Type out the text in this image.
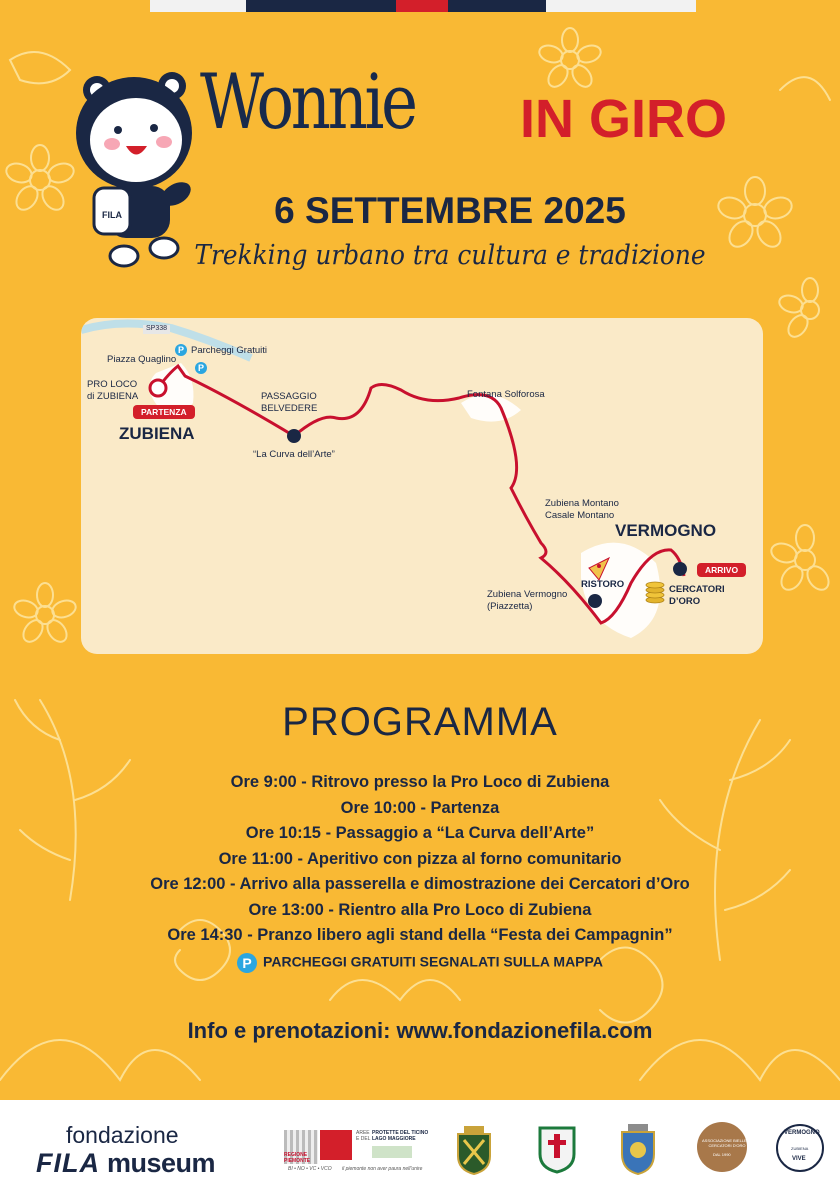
FILA
Wonnie IN GIRO
6 SETTEMBRE 2025
Trekking urbano tra cultura e tradizione
SP338
P Parcheggi Gratuiti
Piazza Quaglino
P
PRO LOCO
di ZUBIENA
PARTENZA
ZUBIENA
PASSAGGIO
BELVEDERE
“La Curva dell’Arte”
Fontana Solforosa
Zubiena Montano
Casale Montano
VERMOGNO
ARRIVO
Zubiena Vermogno
(Piazzetta)
RISTORO	CERCATORI
D’ORO
PROGRAMMA
Ore 9:00 - Ritrovo presso la Pro Loco di Zubiena
Ore 10:00 - Partenza
Ore 10:15 - Passaggio a “La Curva dell’Arte”
Ore 11:00 - Aperitivo con pizza al forno comunitario
Ore 12:00 - Arrivo alla passerella e dimostrazione dei Cercatori d’Oro
Ore 13:00 - Rientro alla Pro Loco di Zubiena
Ore 14:30 - Pranzo libero agli stand della “Festa dei Campagnin”
P PARCHEGGI GRATUITI SEGNALATI SULLA MAPPA
Info e prenotazioni: www.fondazionefila.com
fondazione
FILA museum	REGIONE
PIEMONTE
AREE
E DEL
PROTETTE DEL TICINO
LAGO MAGGIORE
BI • NO • VC • VCO il piemonte non aver paura nell'unire
ASSOCIAZIONE BIELLESE
CERCATORI D'ORO
DAL 1990
VERMOGNO
ZUBIENA
VIVE
